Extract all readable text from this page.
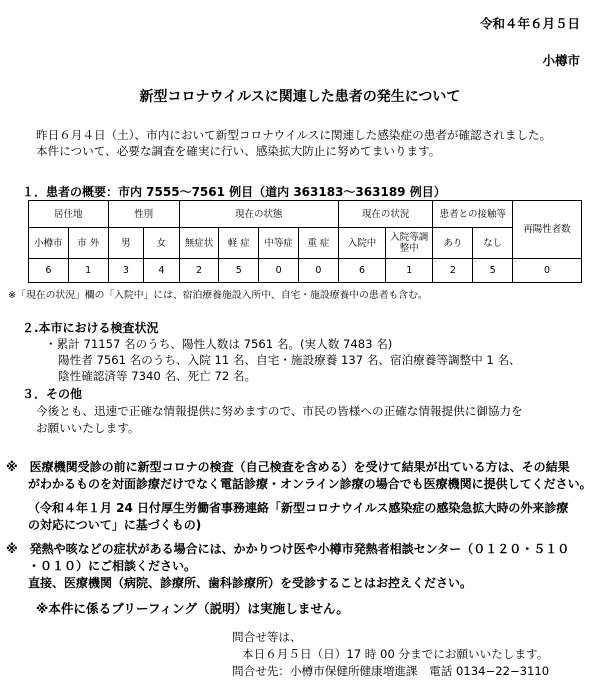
令和４年６月５日
小樽市
新型コロナウイルスに関連した患者の発生について
昨日６月４日（土）、市内において新型コロナウイルスに関連した感染症の患者が確認されました。
本件について、必要な調査を確実に行い、感染拡大防止に努めてまいります。
１．患者の概要：市内 7555〜7561 例目（道内 363183〜363189 例目）
居住地		性別		現在の状態				現在の状況		患者との接触等		再陽性者数
小樽市	市 外	男	女	無症状	軽 症	中等症	重 症	入院中	入院等調整中	あり	なし	
6	1	3	4	2	5	0	0	6	1	2	5	0
※「現在の状況」欄の「入院中」には、宿泊療養施設入所中、自宅・施設療養中の患者も含む。
２.本市における検査状況
・累計 71157 名のうち、陽性人数は 7561 名。(実人数 7483 名)
陽性者 7561 名のうち、入院 11 名、自宅・施設療養 137 名、宿泊療養等調整中 1 名、
陰性確認済等 7340 名、死亡 72 名。
３．その他
今後とも、迅速で正確な情報提供に努めますので、市民の皆様への正確な情報提供に御協力を
お願いいたします。
※　医療機関受診の前に新型コロナの検査（自己検査を含める）を受けて結果が出ている方は、その結果
がわかるものを対面診療だけでなく電話診療・オンライン診療の場合でも医療機関に提供してください。
（令和４年１月 24 日付厚生労働省事務連絡「新型コロナウイルス感染症の感染急拡大時の外来診療
の対応について」に基づくもの)
※　発熱や咳などの症状がある場合には、かかりつけ医や小樽市発熱者相談センター（０１２０・５１０
・０１０）にご相談ください。
直接、医療機関（病院、診療所、歯科診療所）を受診することはお控えください。
※本件に係るブリーフィング（説明）は実施しません。
問合せ等は、
本日６月５日（日）17 時 00 分までにお願いいたします。
問合せ先：小樽市保健所健康増進課　電話 0134−22−3110
